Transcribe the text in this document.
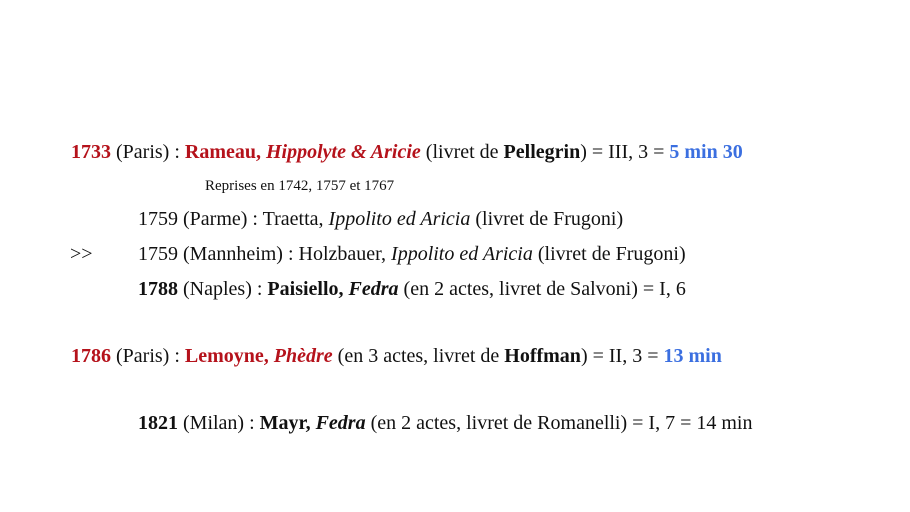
1733 (Paris) : Rameau, Hippolyte & Aricie (livret de Pellegrin) = III, 3 = 5 min 30
Reprises en 1742, 1757 et 1767
1759 (Parme) : Traetta, Ippolito ed Aricia (livret de Frugoni)
>> 1759 (Mannheim) : Holzbauer, Ippolito ed Aricia (livret de Frugoni)
1788 (Naples) : Paisiello, Fedra (en 2 actes, livret de Salvoni) = I, 6
1786 (Paris) : Lemoyne, Phèdre (en 3 actes, livret de Hoffman) = II, 3 = 13 min
1821 (Milan) : Mayr, Fedra (en 2 actes, livret de Romanelli) = I, 7 = 14 min
